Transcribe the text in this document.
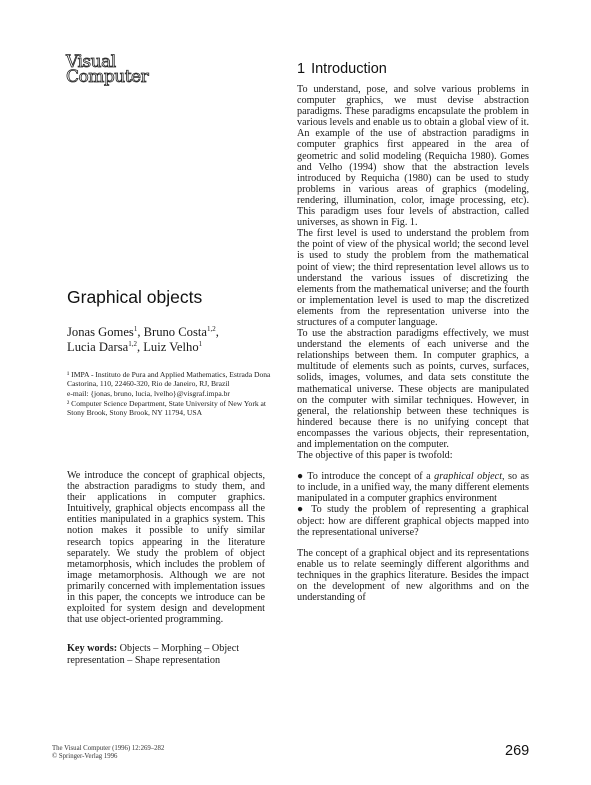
Visual
Computer	1 Introduction

To understand, pose, and solve various problems in computer graphics, we must devise abstraction paradigms. These paradigms encapsulate the problem in various levels and enable us to obtain a global view of it. An example of the use of abstraction paradigms in computer graphics first appeared in the area of geometric and solid modeling (Requicha 1980). Gomes and Velho (1994) show that the abstraction levels introduced by Requicha (1980) can be used to study problems in various areas of graphics (modeling, rendering, illumination, color, image processing, etc). This paradigm uses four levels of abstraction, called universes, as shown in Fig. 1.

The first level is used to understand the problem from the point of view of the physical world; the second level is used to study the problem from the mathematical point of view; the third representation level allows us to understand the various issues of discretizing the elements from the mathematical universe; and the fourth or implementation level is used to map the discretized elements from the representation universe into the structures of a computer language.

To use the abstraction paradigms effectively, we must understand the elements of each universe and the relationships between them. In computer graphics, a multitude of elements such as points, curves, surfaces, solids, images, volumes, and data sets constitute the mathematical universe. These objects are manipulated on the computer with similar techniques. However, in general, the relationship between these techniques is hindered because there is no unifying concept that encompasses the various objects, their representation, and implementation on the computer.

The objective of this paper is twofold:

● To introduce the concept of a graphical object, so as to include, in a unified way, the many different elements manipulated in a computer graphics environment

● To study the problem of representing a graphical object: how are different graphical objects mapped into the representational universe?

The concept of a graphical object and its representations enable us to relate seemingly different algorithms and techniques in the graphics literature. Besides the impact on the development of new algorithms and on the understanding of

Graphical objects
Jonas Gomes$^1$, Bruno Costa$^{1,2}$,
Lucia Darsa$^{1,2}$, Luiz Velho$^1$

¹ IMPA - Instituto de Pura and Applied Mathematics, Estrada Dona Castorina, 110, 22460-320, Rio de Janeiro, RJ, Brazil

e-mail: {jonas, bruno, lucia, lvelho}@visgraf.impa.br

² Computer Science Department, State University of New York at Stony Brook, Stony Brook, NY 11794, USA

We introduce the concept of graphical objects, the abstraction paradigms to study them, and their applications in computer graphics. Intuitively, graphical objects encompass all the entities manipulated in a graphics system. This notion makes it possible to unify similar research topics appearing in the literature separately. We study the problem of object metamorphosis, which includes the problem of image metamorphosis. Although we are not primarily concerned with implementation issues in this paper, the concepts we introduce can be exploited for system design and development that use object-oriented programming.

Key words: Objects – Morphing – Object representation – Shape representation
The Visual Computer (1996) 12:269–282
© Springer-Verlag 1996	269
